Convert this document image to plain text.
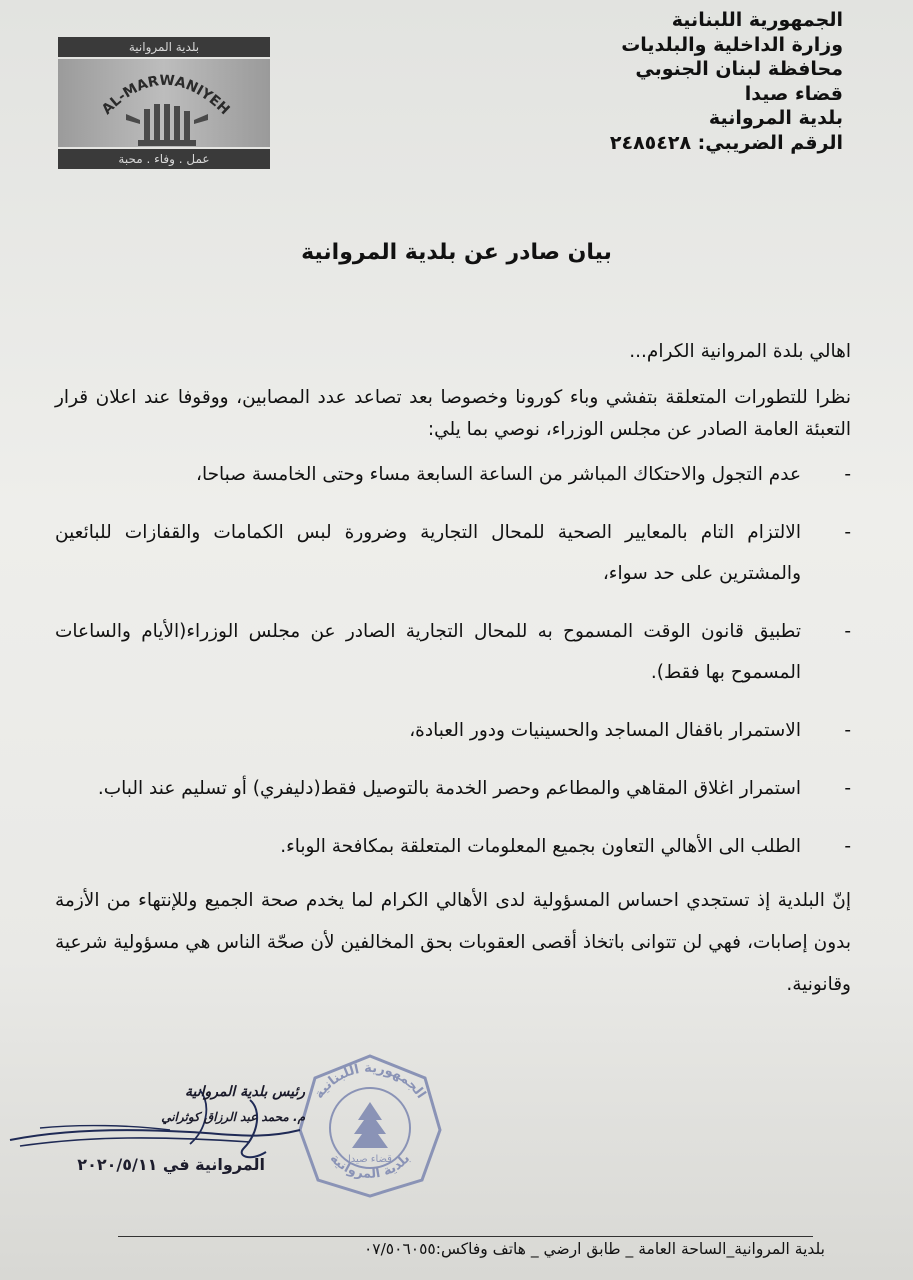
الجمهورية اللبنانية
وزارة الداخلية والبلديات
محافظة لبنان الجنوبي
قضاء صيدا
بلدية المروانية
الرقم الضريبي: ٢٤٨٥٤٢٨
بلدية المروانية
AL-MARWANIYEH
عمل . وفاء . محبة
بيان صادر عن بلدية المروانية

اهالي بلدة المروانية الكرام...

نظرا للتطورات المتعلقة بتفشي وباء كورونا وخصوصا بعد تصاعد عدد المصابين، ووقوفا عند اعلان قرار التعبئة العامة الصادر عن مجلس الوزراء، نوصي بما يلي:

-
عدم التجول والاحتكاك المباشر من الساعة السابعة مساء وحتى الخامسة صباحا،
-
الالتزام التام بالمعايير الصحية للمحال التجارية وضرورة لبس الكمامات والقفازات للبائعين والمشترين على حد سواء،
-
تطبيق قانون الوقت المسموح به للمحال التجارية الصادر عن مجلس الوزراء(الأيام والساعات المسموح بها فقط).
-
الاستمرار باقفال المساجد والحسينيات ودور العبادة،
-
استمرار اغلاق المقاهي والمطاعم وحصر الخدمة بالتوصيل فقط(دليفري) أو تسليم عند الباب.
-
الطلب الى الأهالي التعاون بجميع المعلومات المتعلقة بمكافحة الوباء.

إنّ البلدية إذ تستجدي احساس المسؤولية لدى الأهالي الكرام لما يخدم صحة الجميع وللإنتهاء من الأزمة بدون إصابات، فهي لن تتوانى باتخاذ أقصى العقوبات بحق المخالفين لأن صحّة الناس هي مسؤولية شرعية وقانونية.

الجمهورية اللبنانية
بلدية المروانية
قضاء صيدا
رئيس بلدية المروانية
م. محمد عبد الرزاق كوثراني
المروانية في ٢٠٢٠/٥/١١
بلدية المروانية_الساحة العامة _ طابق ارضي _ هاتف وفاكس:٠٧/٥٠٦٠٥٥
